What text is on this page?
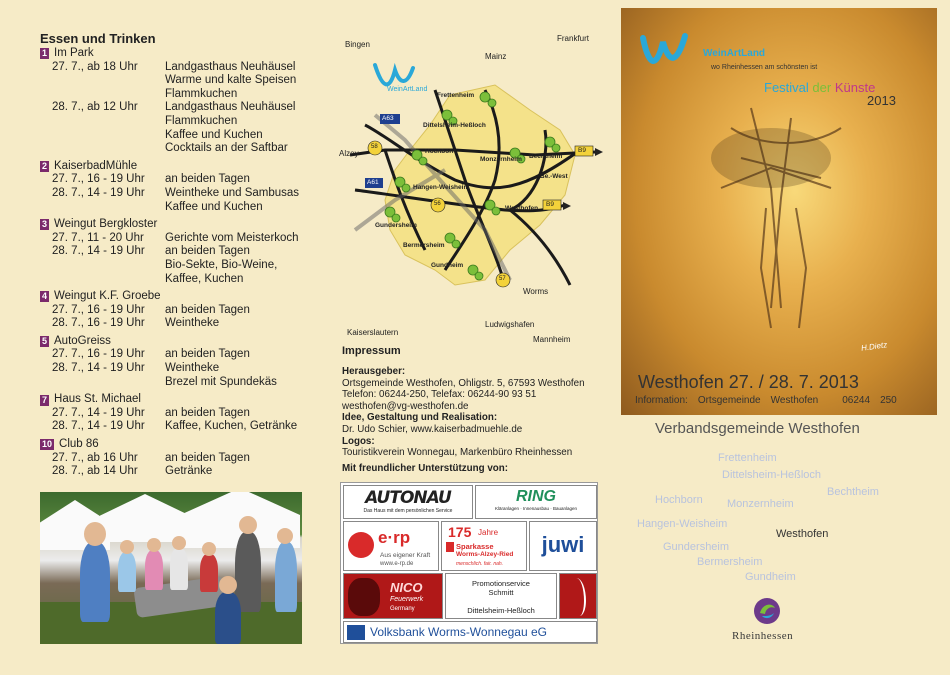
Essen und Trinken
1 Im Park
27. 7., ab 18 Uhr	Landgasthaus Neuhäusel
Warme und kalte Speisen
Flammkuchen
28. 7., ab 12 Uhr	Landgasthaus Neuhäusel
Flammkuchen
Kaffee und Kuchen
Cocktails an der Saftbar
2 KaiserbadMühle
27. 7., 16 - 19 Uhr	an beiden Tagen
28. 7., 14 - 19 Uhr	Weintheke und Sambusas
Kaffee und Kuchen
3 Weingut Bergkloster
27. 7., 11 - 20 Uhr	Gerichte vom Meisterkoch
28. 7., 14 - 19 Uhr	an beiden Tagen
Bio-Sekte, Bio-Weine,
Kaffee, Kuchen
4 Weingut K.F. Groebe
27. 7., 16 - 19 Uhr	an beiden Tagen
28. 7., 16 - 19 Uhr	Weintheke
5 AutoGreiss
27. 7., 16 - 19 Uhr	an beiden Tagen
28. 7., 14 - 19 Uhr	Weintheke
Brezel mit Spundekäs
7 Haus St. Michael
27. 7., 14 - 19 Uhr	an beiden Tagen
28. 7., 14 - 19 Uhr	Kaffee, Kuchen, Getränke
10 Club 86
27. 7., ab 16 Uhr	an beiden Tagen
28. 7., ab 14 Uhr	Getränke
WeinArtLand
Bingen
Mainz
Frankfurt
Alzey
Worms
Kaiserslautern
Ludwigshafen
Mannheim
A63
A61
B9
B9
58
56
57
Frettenheim
Dittelsheim-Heßloch
Hochborn
Monzernheim Bechtheim
Be.-West
Hangen-Weisheim
Westhofen
Gundersheim
Bermersheim
Gundheim
Impressum
Herausgeber:
Ortsgemeinde Westhofen, Ohligstr. 5, 67593 Westhofen
Telefon: 06244-250, Telefax: 06244-90 93 51
westhofen@vg-westhofen.de
Idee, Gestaltung und Realisation:
Dr. Udo Schier, www.kaiserbadmuehle.de
Logos:
Touristikverein Wonnegau, Markenbüro Rheinhessen
Mit freundlicher Unterstützung von:
AUTONAU
Das Haus mit dem persönlichen Service
RING
Kläranlagen · Innenausbau · Bauanlagen
e·rp
Aus eigener Kraft
www.e-rp.de
175 Jahre
Sparkasse
Worms-Alzey-Ried
menschlich. fair. nah.
juwi
NICO
Feuerwerk
Germany
Promotionservice
Schmitt
Dittelsheim-Heßloch
Volksbank Worms-Wonnegau eG
WeinArtLand
wo Rheinhessen am schönsten ist
Festival der Künste
2013
H.Dietz
Westhofen 27. / 28. 7. 2013
Information: Ortsgemeinde Westhofen 06244 250
Verbandsgemeinde Westhofen
Frettenheim
Dittelsheim-Heßloch
Bechtheim
Hochborn Monzernheim
Hangen-Weisheim
Westhofen
Gundersheim
Bermersheim
Gundheim
Rheinhessen
